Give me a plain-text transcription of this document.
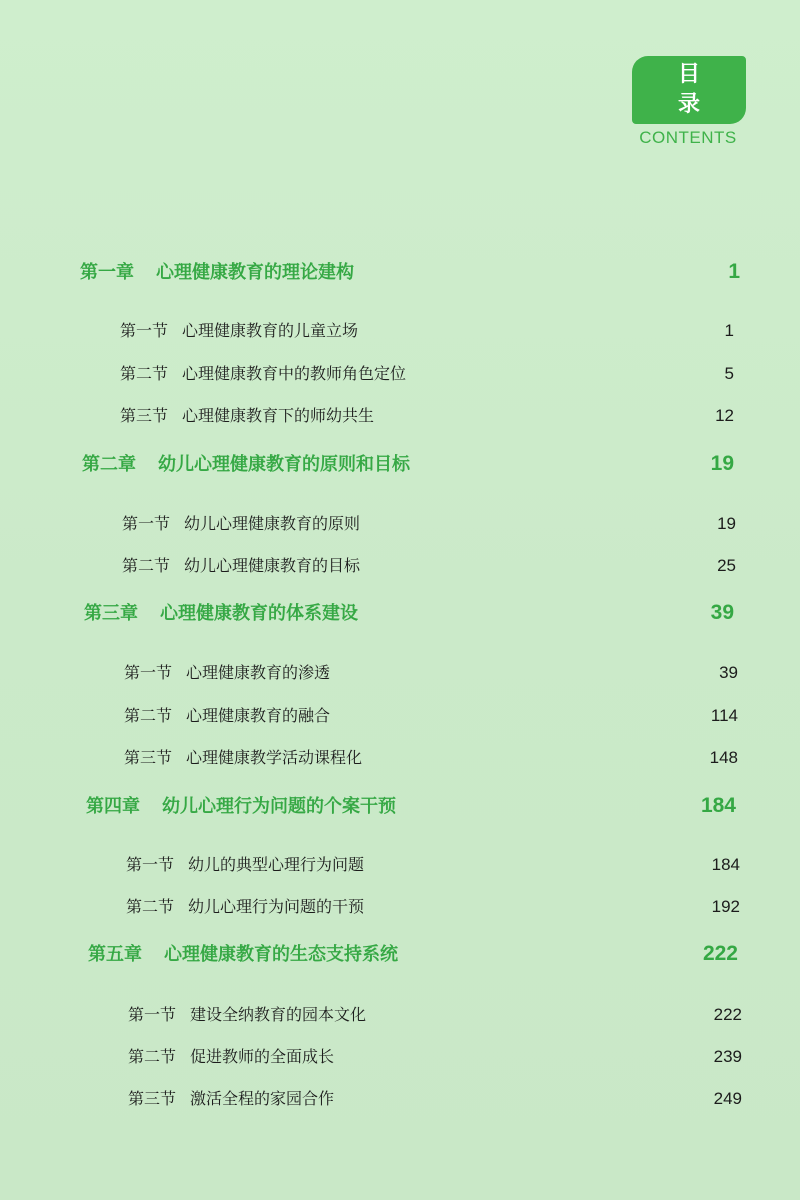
目 录
CONTENTS
第一章 心理健康教育的理论建构	1
第一节 心理健康教育的儿童立场	1
第二节 心理健康教育中的教师角色定位	5
第三节 心理健康教育下的师幼共生	12
第二章 幼儿心理健康教育的原则和目标	19
第一节 幼儿心理健康教育的原则	19
第二节 幼儿心理健康教育的目标	25
第三章 心理健康教育的体系建设	39
第一节 心理健康教育的渗透	39
第二节 心理健康教育的融合	114
第三节 心理健康教学活动课程化	148
第四章 幼儿心理行为问题的个案干预	184
第一节 幼儿的典型心理行为问题	184
第二节 幼儿心理行为问题的干预	192
第五章 心理健康教育的生态支持系统	222
第一节 建设全纳教育的园本文化	222
第二节 促进教师的全面成长	239
第三节 激活全程的家园合作	249
